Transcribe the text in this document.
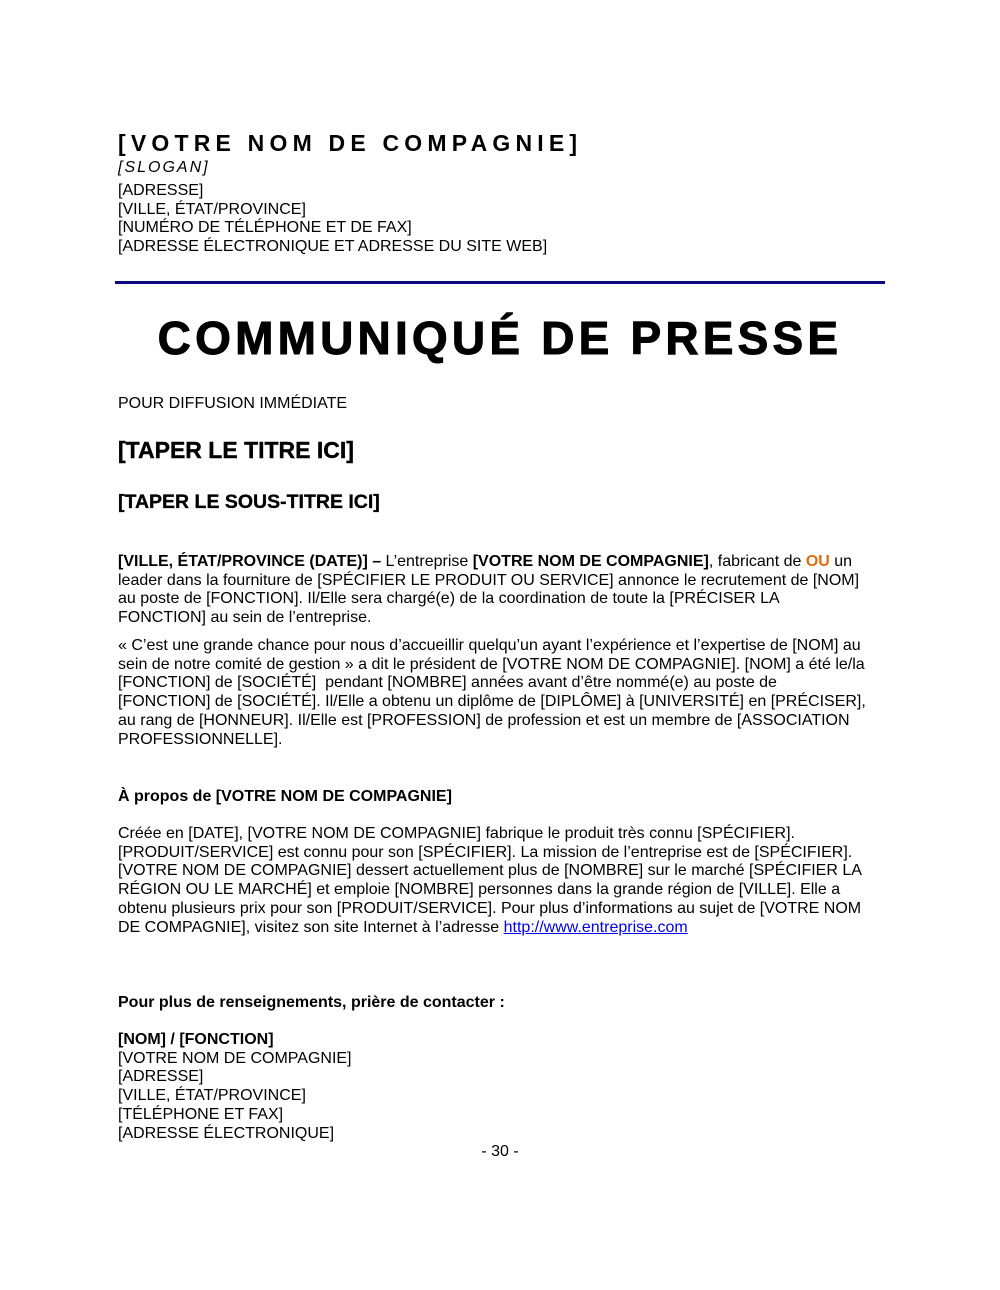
[VOTRE NOM DE COMPAGNIE]
[SLOGAN]
[ADRESSE]
[VILLE, ÉTAT/PROVINCE]
[NUMÉRO DE TÉLÉPHONE ET DE FAX]
[ADRESSE ÉLECTRONIQUE ET ADRESSE DU SITE WEB]
COMMUNIQUÉ DE PRESSE
POUR DIFFUSION IMMÉDIATE
[TAPER LE TITRE ICI]
[TAPER LE SOUS-TITRE ICI]
[VILLE, ÉTAT/PROVINCE (DATE)] – L’entreprise [VOTRE NOM DE COMPAGNIE], fabricant de OU un
leader dans la fourniture de [SPÉCIFIER LE PRODUIT OU SERVICE] annonce le recrutement de [NOM]
au poste de [FONCTION]. Il/Elle sera chargé(e) de la coordination de toute la [PRÉCISER LA
FONCTION] au sein de l’entreprise.
« C’est une grande chance pour nous d’accueillir quelqu’un ayant l’expérience et l’expertise de [NOM] au
sein de notre comité de gestion » a dit le président de [VOTRE NOM DE COMPAGNIE]. [NOM] a été le/la
[FONCTION] de [SOCIÉTÉ]  pendant [NOMBRE] années avant d’être nommé(e) au poste de
[FONCTION] de [SOCIÉTÉ]. Il/Elle a obtenu un diplôme de [DIPLÔME] à [UNIVERSITÉ] en [PRÉCISER],
au rang de [HONNEUR]. Il/Elle est [PROFESSION] de profession et est un membre de [ASSOCIATION
PROFESSIONNELLE].
À propos de [VOTRE NOM DE COMPAGNIE]
Créée en [DATE], [VOTRE NOM DE COMPAGNIE] fabrique le produit très connu [SPÉCIFIER].
[PRODUIT/SERVICE] est connu pour son [SPÉCIFIER]. La mission de l’entreprise est de [SPÉCIFIER].
[VOTRE NOM DE COMPAGNIE] dessert actuellement plus de [NOMBRE] sur le marché [SPÉCIFIER LA
RÉGION OU LE MARCHÉ] et emploie [NOMBRE] personnes dans la grande région de [VILLE]. Elle a
obtenu plusieurs prix pour son [PRODUIT/SERVICE]. Pour plus d’informations au sujet de [VOTRE NOM
DE COMPAGNIE], visitez son site Internet à l’adresse http://www.entreprise.com
Pour plus de renseignements, prière de contacter :
[NOM] / [FONCTION]
[VOTRE NOM DE COMPAGNIE]
[ADRESSE]
[VILLE, ÉTAT/PROVINCE]
[TÉLÉPHONE ET FAX]
[ADRESSE ÉLECTRONIQUE]
- 30 -
